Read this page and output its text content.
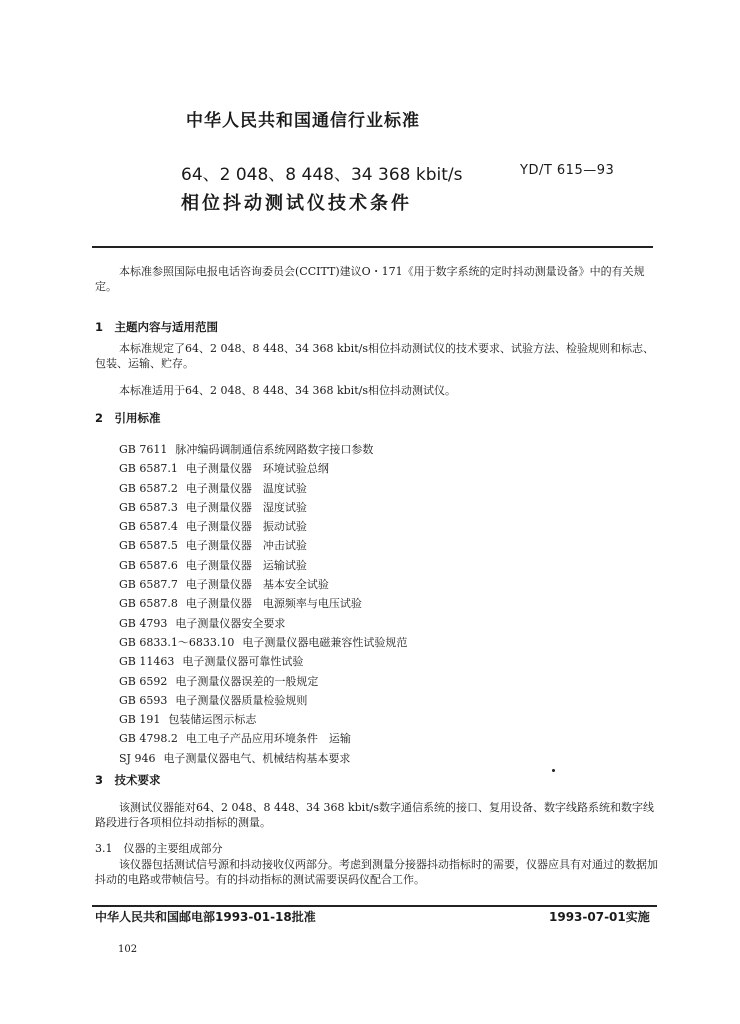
中华人民共和国通信行业标准
64、2 048、8 448、34 368 kbit/s	YD/T 615—93
相位抖动测试仪技术条件
本标准参照国际电报电话咨询委员会(CCITT)建议O・171《用于数字系统的定时抖动测量设备》中的有关规定。
1　主题内容与适用范围
本标准规定了64、2 048、8 448、34 368 kbit/s相位抖动测试仪的技术要求、试验方法、检验规则和标志、包装、运输、贮存。
本标准适用于64、2 048、8 448、34 368 kbit/s相位抖动测试仪。
2　引用标准
GB 7611 脉冲编码调制通信系统网路数字接口参数
GB 6587.1 电子测量仪器　环境试验总纲
GB 6587.2 电子测量仪器　温度试验
GB 6587.3 电子测量仪器　湿度试验
GB 6587.4 电子测量仪器　振动试验
GB 6587.5 电子测量仪器　冲击试验
GB 6587.6 电子测量仪器　运输试验
GB 6587.7 电子测量仪器　基本安全试验
GB 6587.8 电子测量仪器　电源频率与电压试验
GB 4793 电子测量仪器安全要求
GB 6833.1～6833.10 电子测量仪器电磁兼容性试验规范
GB 11463 电子测量仪器可靠性试验
GB 6592 电子测量仪器误差的一般规定
GB 6593 电子测量仪器质量检验规则
GB 191 包装储运图示标志
GB 4798.2 电工电子产品应用环境条件　运输
SJ 946 电子测量仪器电气、机械结构基本要求
3　技术要求
该测试仪器能对64、2 048、8 448、34 368 kbit/s数字通信系统的接口、复用设备、数字线路系统和数字线路段进行各项相位抖动指标的测量。
3.1　仪器的主要组成部分
该仪器包括测试信号源和抖动接收仪两部分。考虑到测量分接器抖动指标时的需要，仪器应具有对通过的数据加抖动的电路或带帧信号。有的抖动指标的测试需要误码仪配合工作。
中华人民共和国邮电部1993-01-18批准	1993-07-01实施
102
